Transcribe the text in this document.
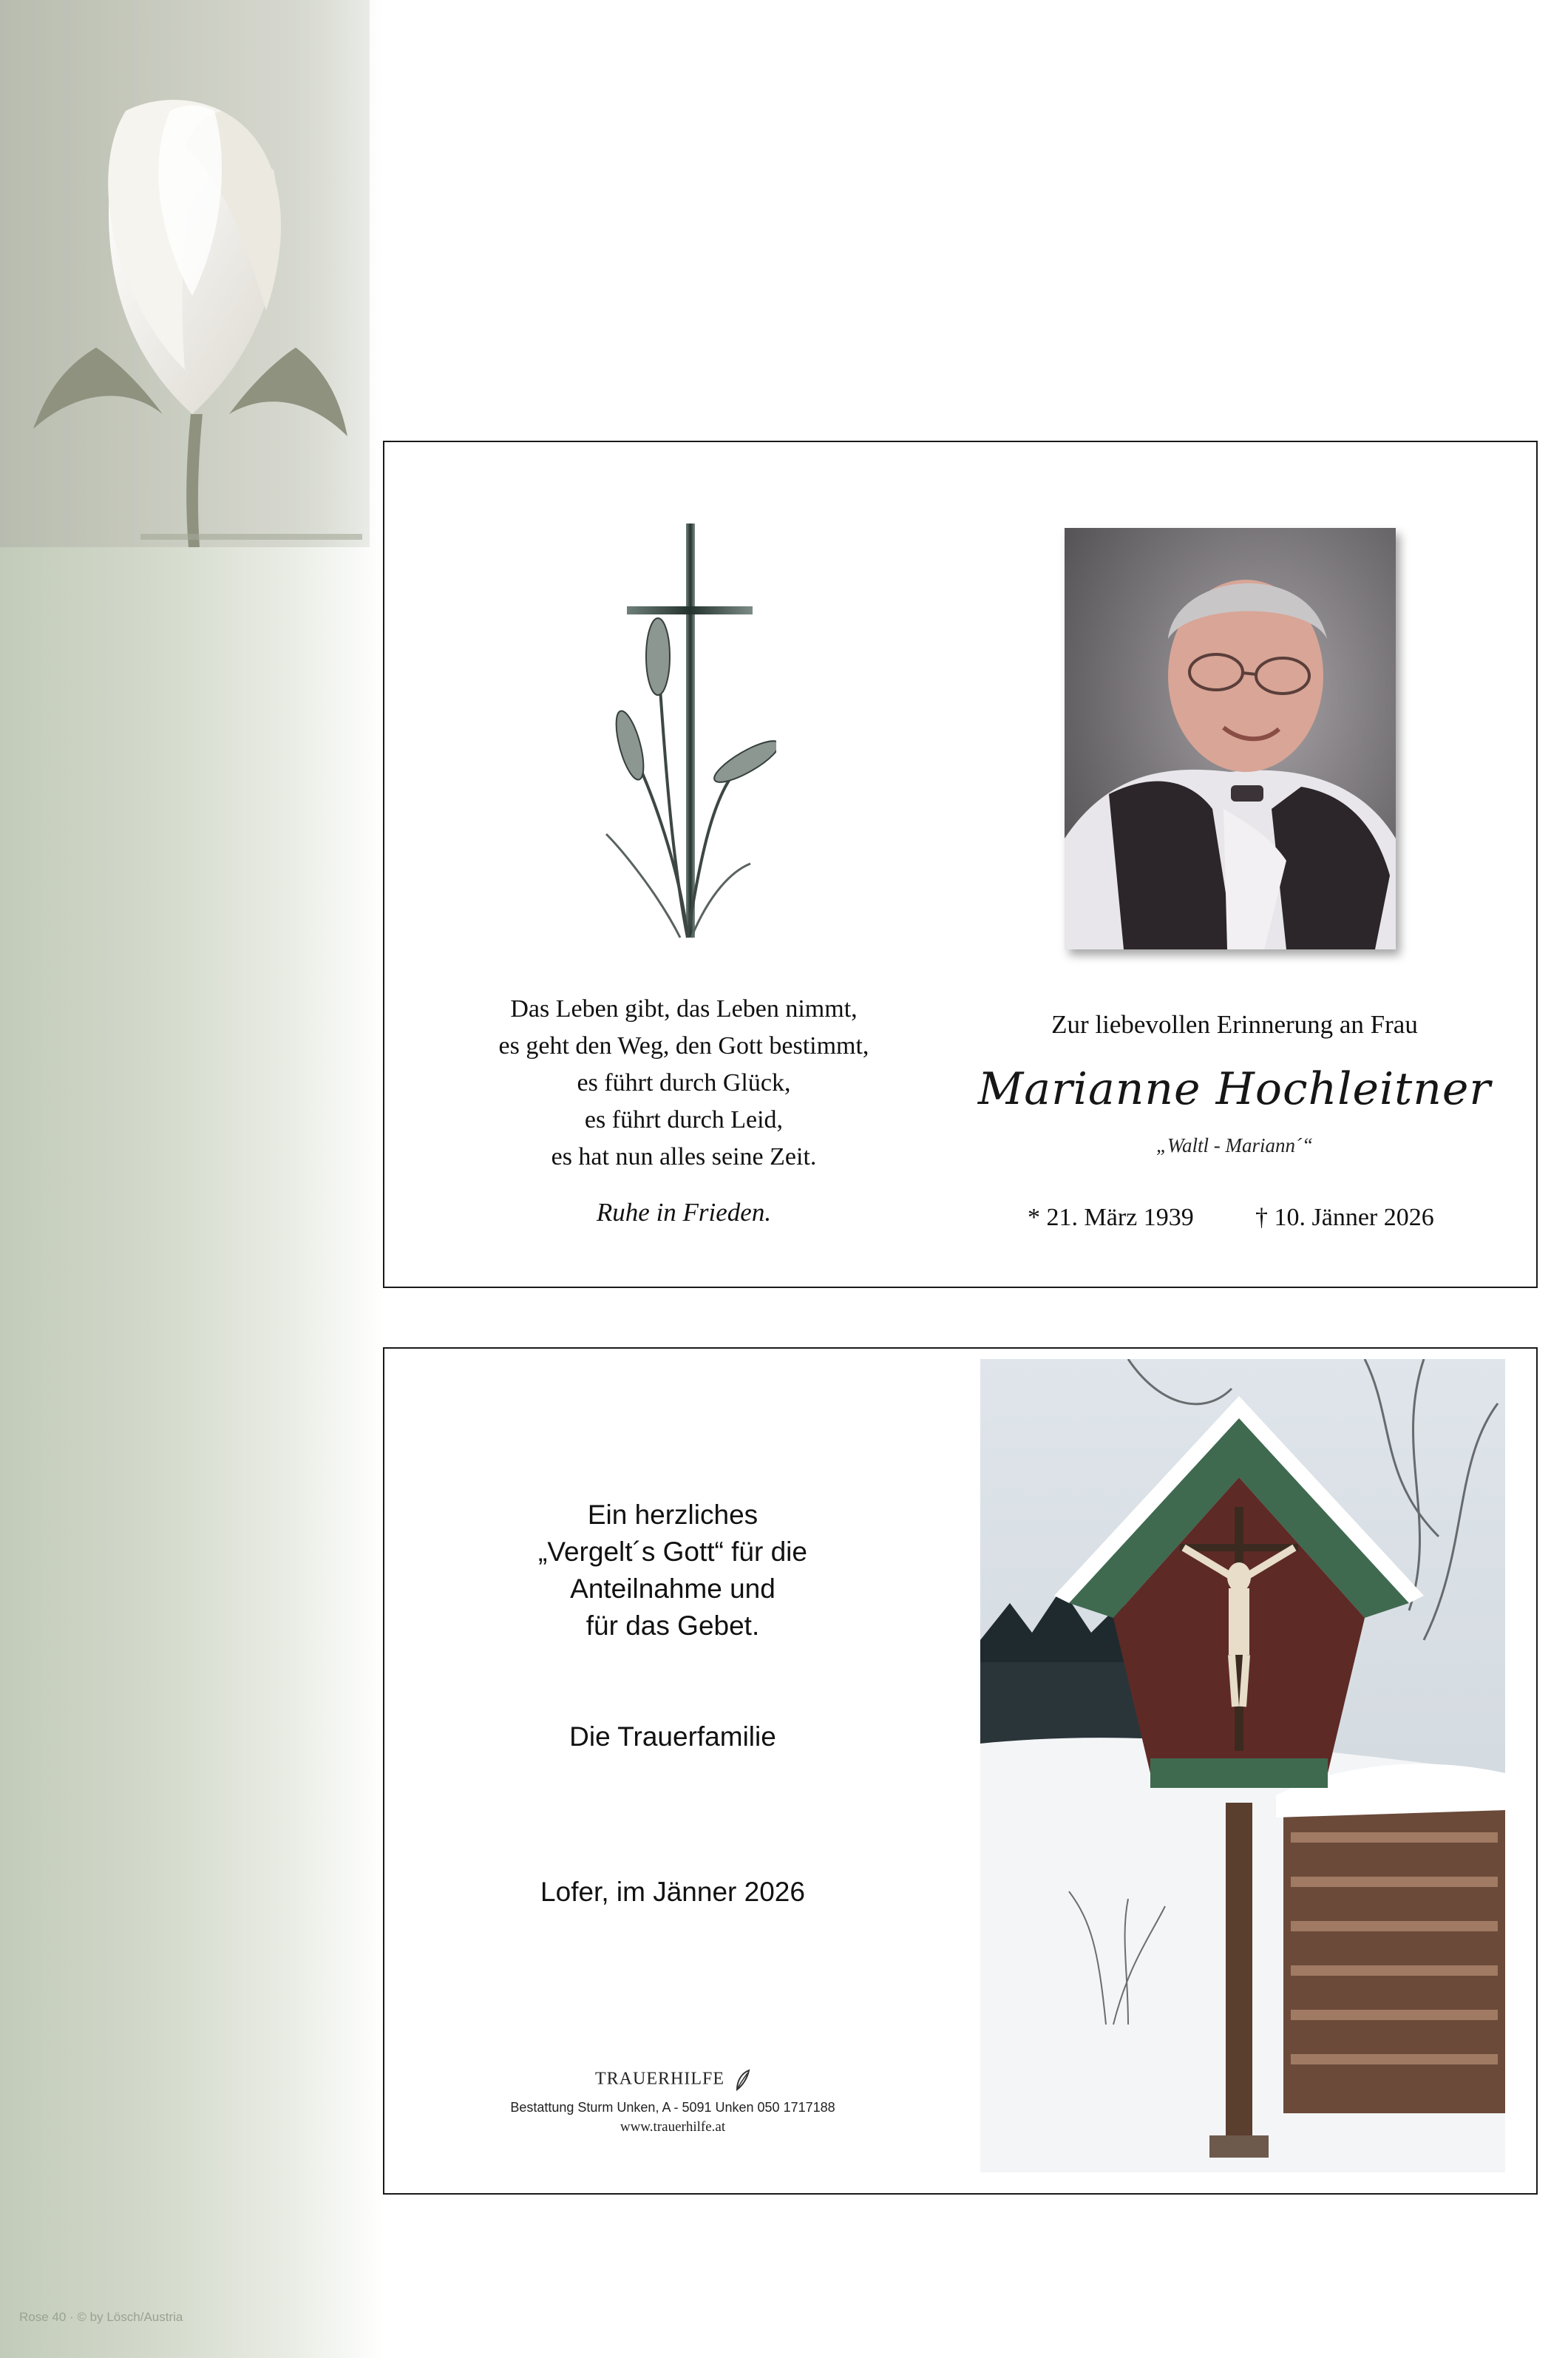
Rose 40 · © by Lösch/Austria
Das Leben gibt, das Leben nimmt,
es geht den Weg, den Gott bestimmt,
es führt durch Glück,
es führt durch Leid,
es hat nun alles seine Zeit.
Ruhe in Frieden.
Zur liebevollen Erinnerung an Frau
Marianne Hochleitner
„Waltl - Mariann´“
* 21. März 1939 † 10. Jänner 2026
Ein herzliches
„Vergelt´s Gott“ für die
Anteilnahme und
für das Gebet.
Die Trauerfamilie
Lofer, im Jänner 2026
TRAUERHILFE
Bestattung Sturm Unken, A - 5091 Unken 050 1717188
www.trauerhilfe.at
